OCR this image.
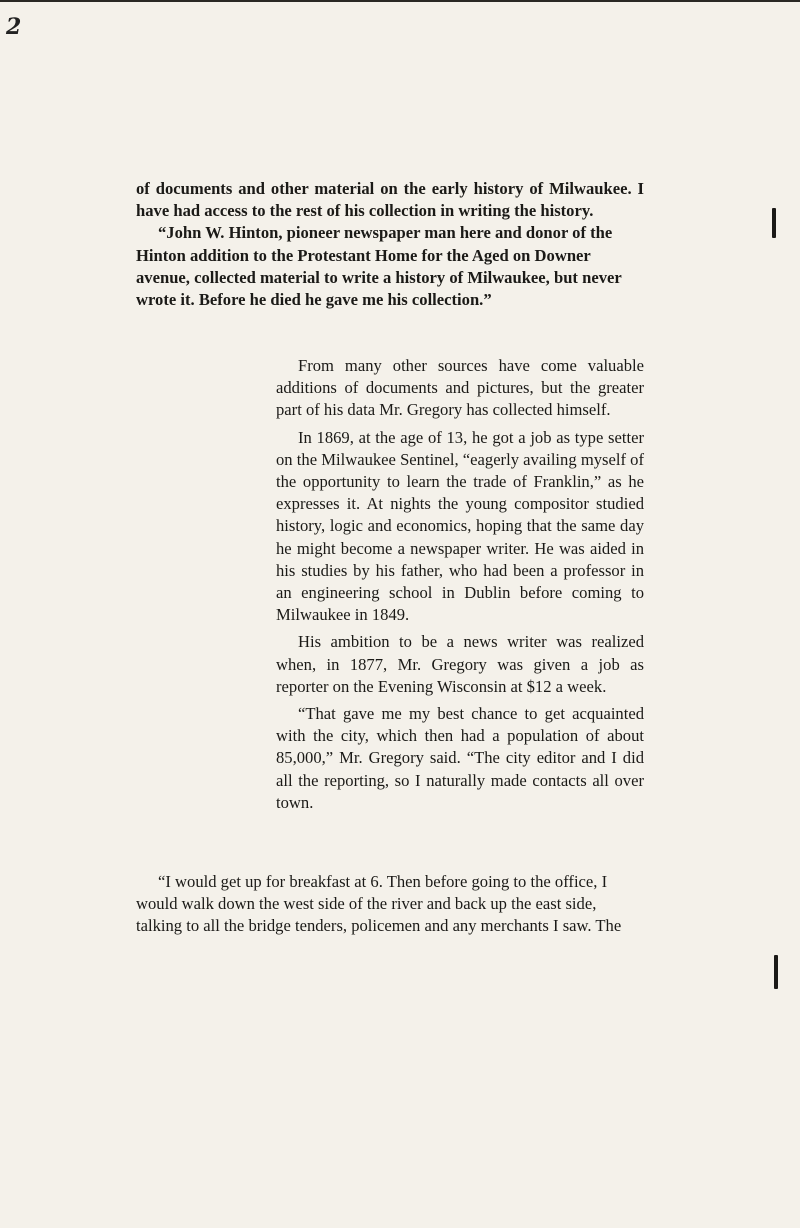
2

of documents and other material on the early history of Milwaukee. I have had access to the rest of his collection in writing the history.

“John W. Hinton, pioneer newspaper man here and donor of the Hinton addition to the Protestant Home for the Aged on Downer avenue, collected material to write a history of Milwaukee, but never wrote it. Before he died he gave me his collection.”

From many other sources have come valuable additions of documents and pictures, but the greater part of his data Mr. Gregory has collected himself.

In 1869, at the age of 13, he got a job as type setter on the Milwaukee Sentinel, “eagerly availing myself of the opportunity to learn the trade of Franklin,” as he expresses it. At nights the young compositor studied history, logic and economics, hoping that the same day he might become a newspaper writer. He was aided in his studies by his father, who had been a professor in an engineering school in Dublin before coming to Milwaukee in 1849.

His ambition to be a news writer was realized when, in 1877, Mr. Gregory was given a job as reporter on the Evening Wisconsin at $12 a week.

“That gave me my best chance to get acquainted with the city, which then had a population of about 85,000,” Mr. Gregory said. “The city editor and I did all the reporting, so I naturally made contacts all over town.

“I would get up for breakfast at 6. Then before going to the office, I would walk down the west side of the river and back up the east side, talking to all the bridge tenders, policemen and any merchants I saw. The
